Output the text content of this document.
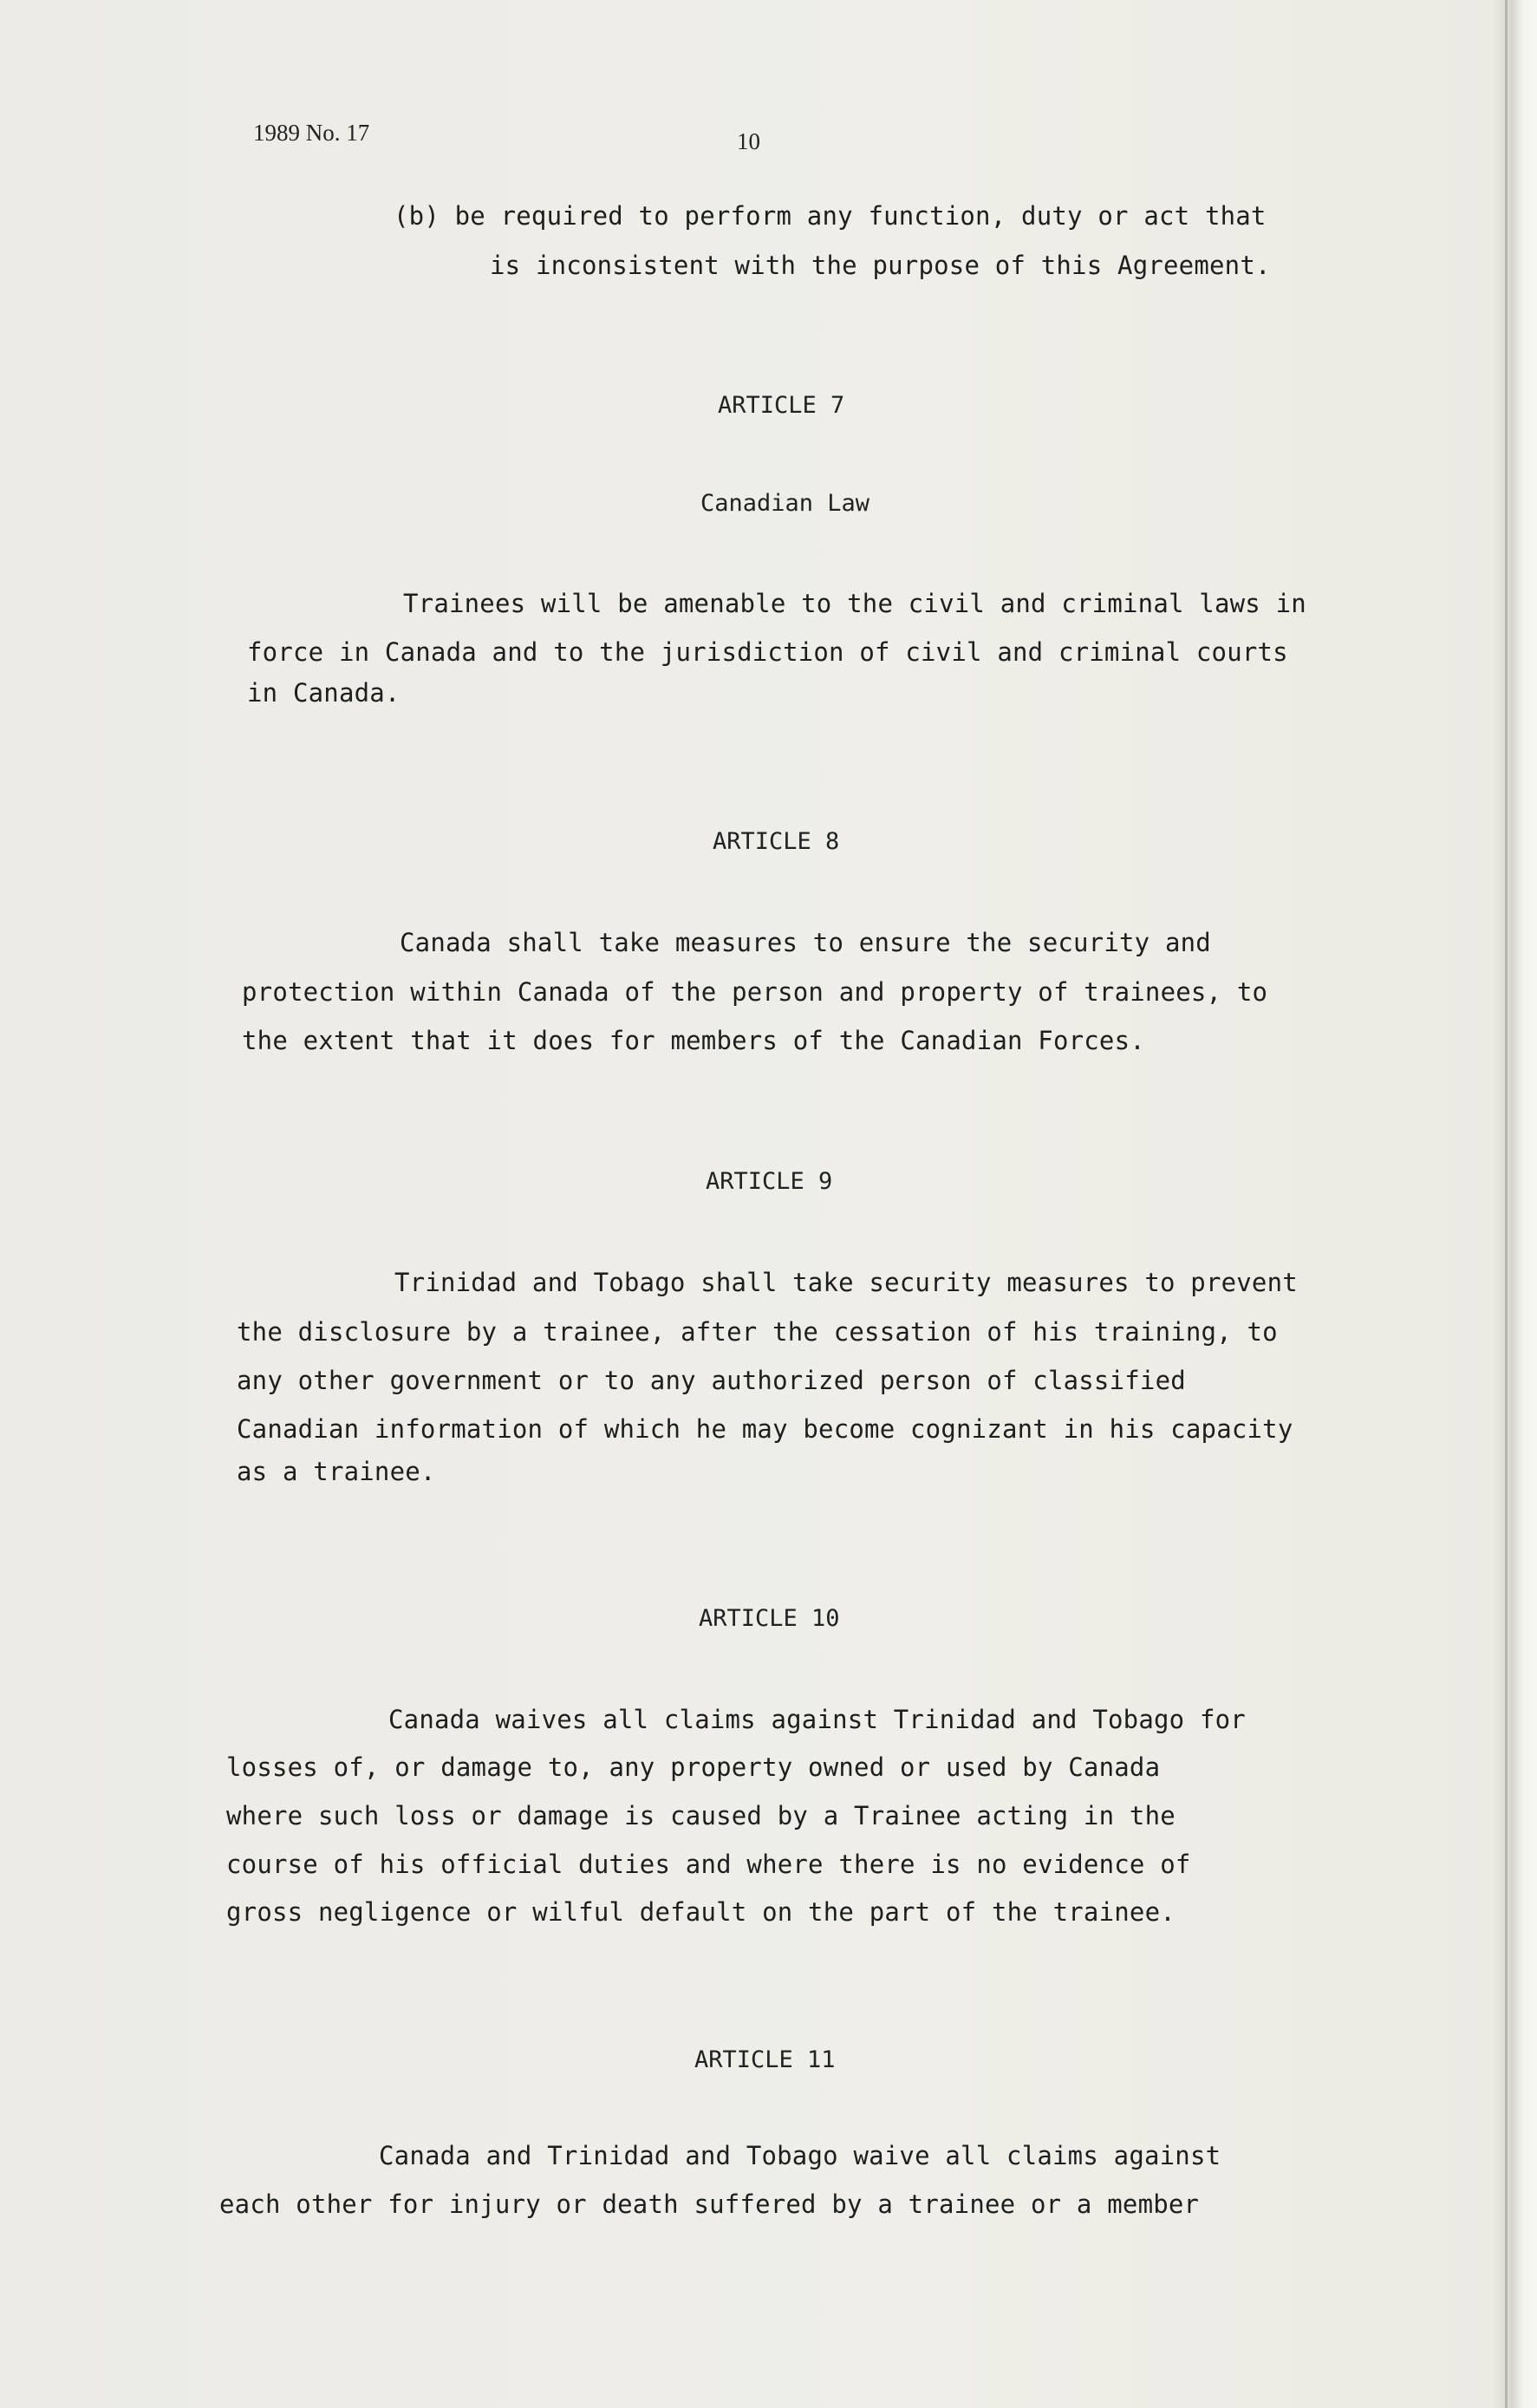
1989 No. 17	10
(b) be required to perform any function, duty or act that
is inconsistent with the purpose of this Agreement.
ARTICLE 7
Canadian Law
Trainees will be amenable to the civil and criminal laws in
force in Canada and to the jurisdiction of civil and criminal courts
in Canada.
ARTICLE 8
Canada shall take measures to ensure the security and
protection within Canada of the person and property of trainees, to
the extent that it does for members of the Canadian Forces.
ARTICLE 9
Trinidad and Tobago shall take security measures to prevent
the disclosure by a trainee, after the cessation of his training, to
any other government or to any authorized person of classified
Canadian information of which he may become cognizant in his capacity
as a trainee.
ARTICLE 10
Canada waives all claims against Trinidad and Tobago for
losses of, or damage to, any property owned or used by Canada
where such loss or damage is caused by a Trainee acting in the
course of his official duties and where there is no evidence of
gross negligence or wilful default on the part of the trainee.
ARTICLE 11
Canada and Trinidad and Tobago waive all claims against
each other for injury or death suffered by a trainee or a member
